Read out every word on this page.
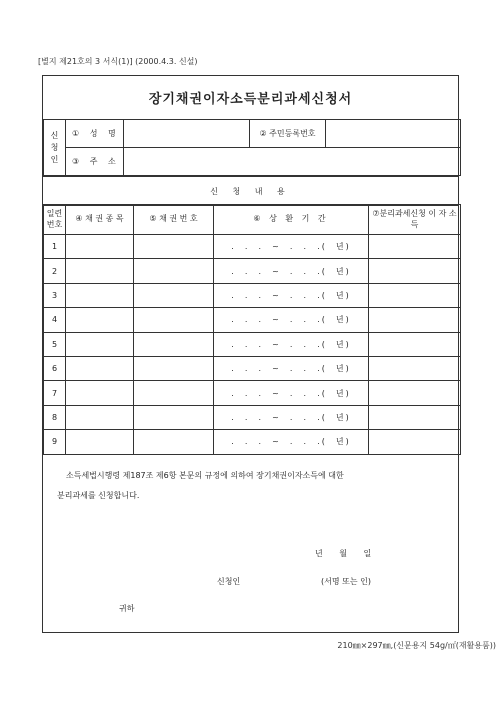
[별지 제21호의 3 서식(1)] (2000.4.3. 신설)
장기채권이자소득분리과세신청서
신 청 인	① 성 명		② 주민등록번호	
	③ 주 소			
신 청 내 용
일련 번호	④ 채 권 종 목	⑤ 채 권 번 호	⑥ 상 환 기 간	⑦분리과세신청 이 자 소 득
1			.  .  .  ~  .  .  .(  년)	
2			.  .  .  ~  .  .  .(  년)	
3			.  .  .  ~  .  .  .(  년)	
4			.  .  .  ~  .  .  .(  년)	
5			.  .  .  ~  .  .  .(  년)	
6			.  .  .  ~  .  .  .(  년)	
7			.  .  .  ~  .  .  .(  년)	
8			.  .  .  ~  .  .  .(  년)	
9			.  .  .  ~  .  .  .(  년)	
소득세법시행령 제187조 제6항 본문의 규정에 의하여 장기채권이자소득에 대한
분리과세를 신청합니다.
년 월 일
신청인	(서명 또는 인)
귀하
210㎜×297㎜,(신문용지 54g/㎡(재활용품))
